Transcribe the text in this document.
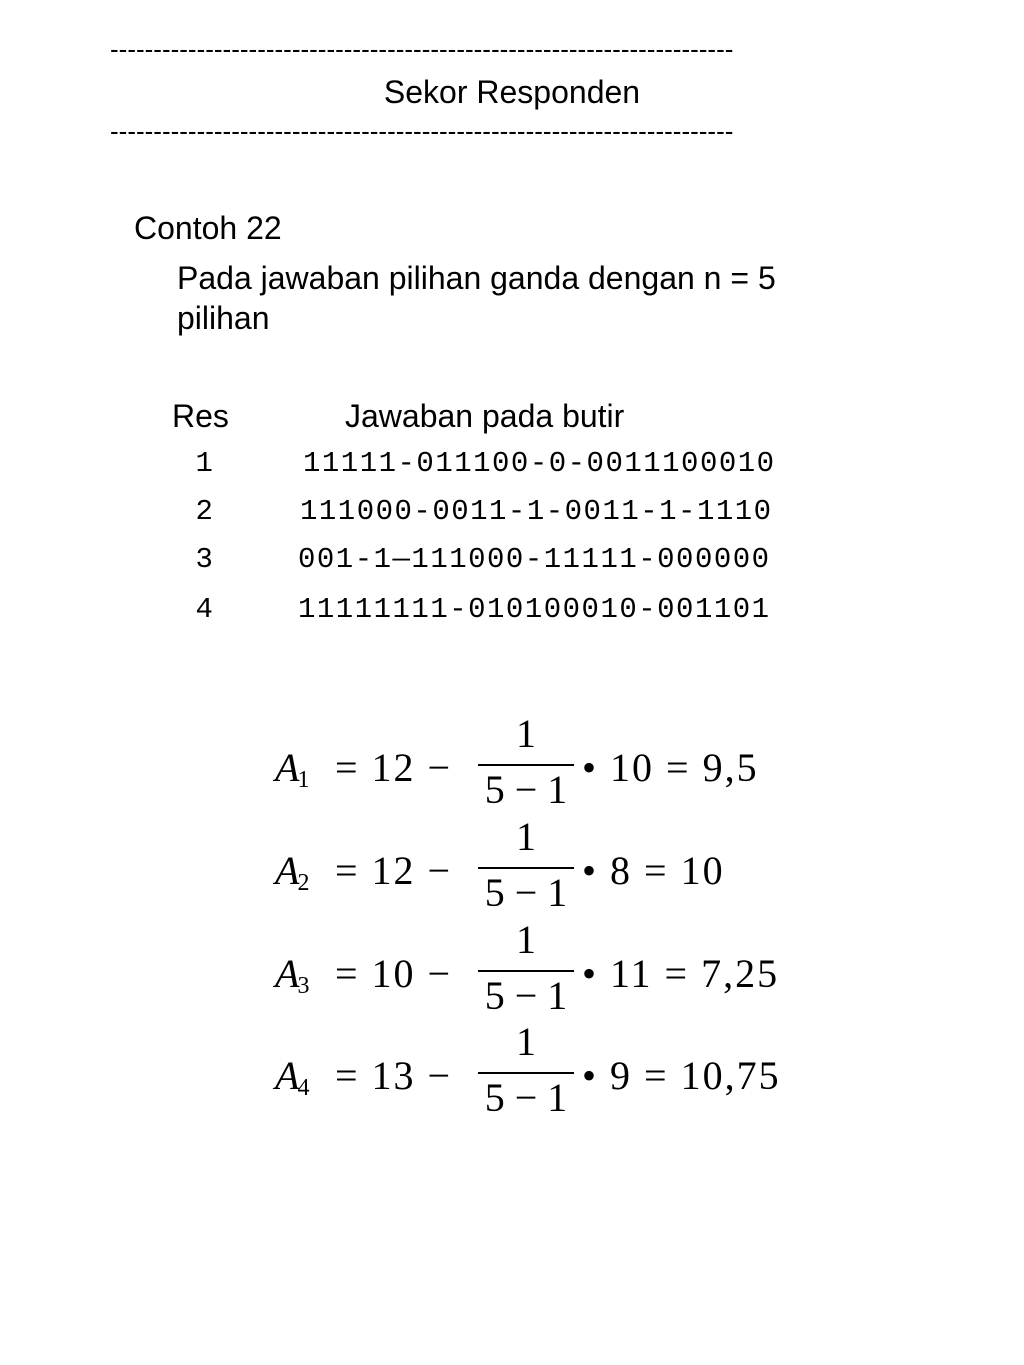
------------------------------------------------------------------------
Sekor Responden
------------------------------------------------------------------------
Contoh 22
Pada jawaban pilihan ganda dengan n = 5 pilihan
Res	Jawaban pada butir
1	11111-011100-0-0011100010
2	111000-0011-1-0011-1-1110
3	001-1—111000-11111-000000
4	11111111-010100010-001101
$A_1 = 12$ −
1
5 − 1 • 10 = 9,5
$A_2 = 12$ −
1
5 − 1 • 8 = 10
$A_3 = 10$ −
1
5 − 1 • 11 = 7,25
$A_4 = 13$ −
1
5 − 1 • 9 = 10,75
